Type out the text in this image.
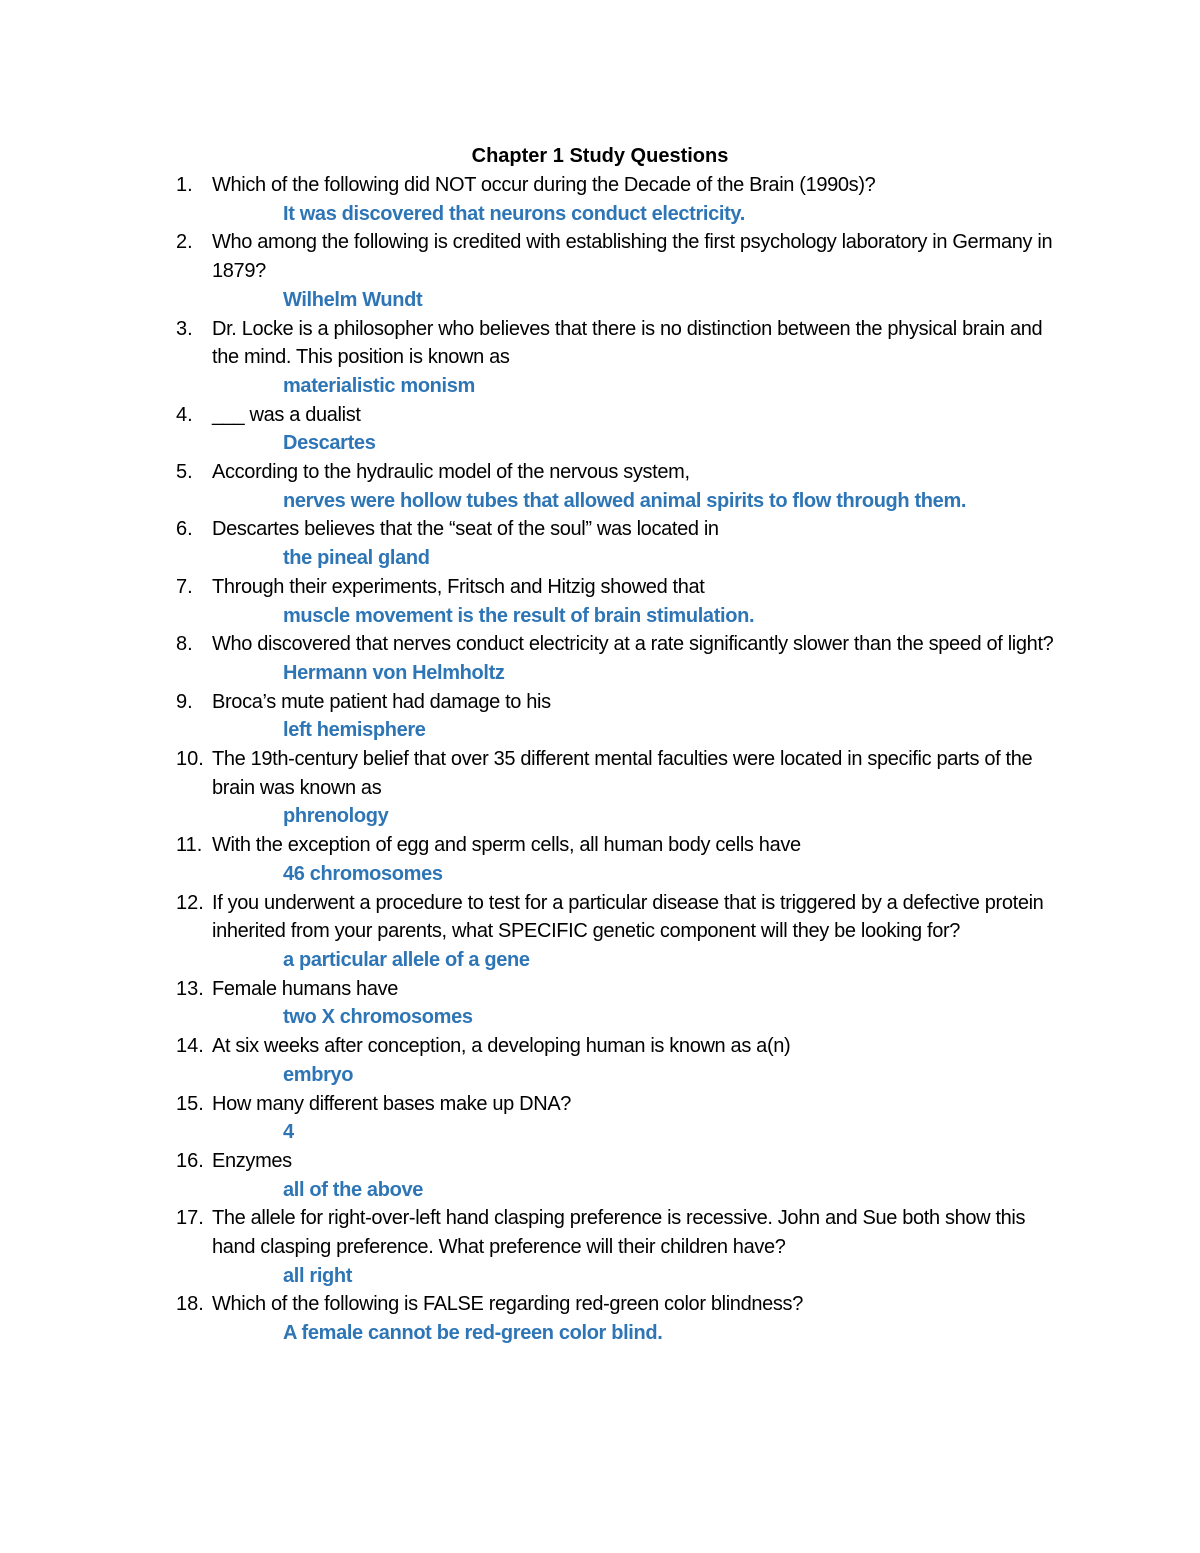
Chapter 1 Study Questions
1. Which of the following did NOT occur during the Decade of the Brain (1990s)?
It was discovered that neurons conduct electricity.
2. Who among the following is credited with establishing the first psychology laboratory in Germany in 1879?
Wilhelm Wundt
3. Dr. Locke is a philosopher who believes that there is no distinction between the physical brain and the mind. This position is known as
materialistic monism
4. ___ was a dualist
Descartes
5. According to the hydraulic model of the nervous system,
nerves were hollow tubes that allowed animal spirits to flow through them.
6. Descartes believes that the “seat of the soul” was located in
the pineal gland
7. Through their experiments, Fritsch and Hitzig showed that
muscle movement is the result of brain stimulation.
8. Who discovered that nerves conduct electricity at a rate significantly slower than the speed of light?
Hermann von Helmholtz
9. Broca’s mute patient had damage to his
left hemisphere
10. The 19th-century belief that over 35 different mental faculties were located in specific parts of the brain was known as
phrenology
11. With the exception of egg and sperm cells, all human body cells have
46 chromosomes
12. If you underwent a procedure to test for a particular disease that is triggered by a defective protein inherited from your parents, what SPECIFIC genetic component will they be looking for?
a particular allele of a gene
13. Female humans have
two X chromosomes
14. At six weeks after conception, a developing human is known as a(n)
embryo
15. How many different bases make up DNA?
4
16. Enzymes
all of the above
17. The allele for right-over-left hand clasping preference is recessive. John and Sue both show this hand clasping preference. What preference will their children have?
all right
18. Which of the following is FALSE regarding red-green color blindness?
A female cannot be red-green color blind.
